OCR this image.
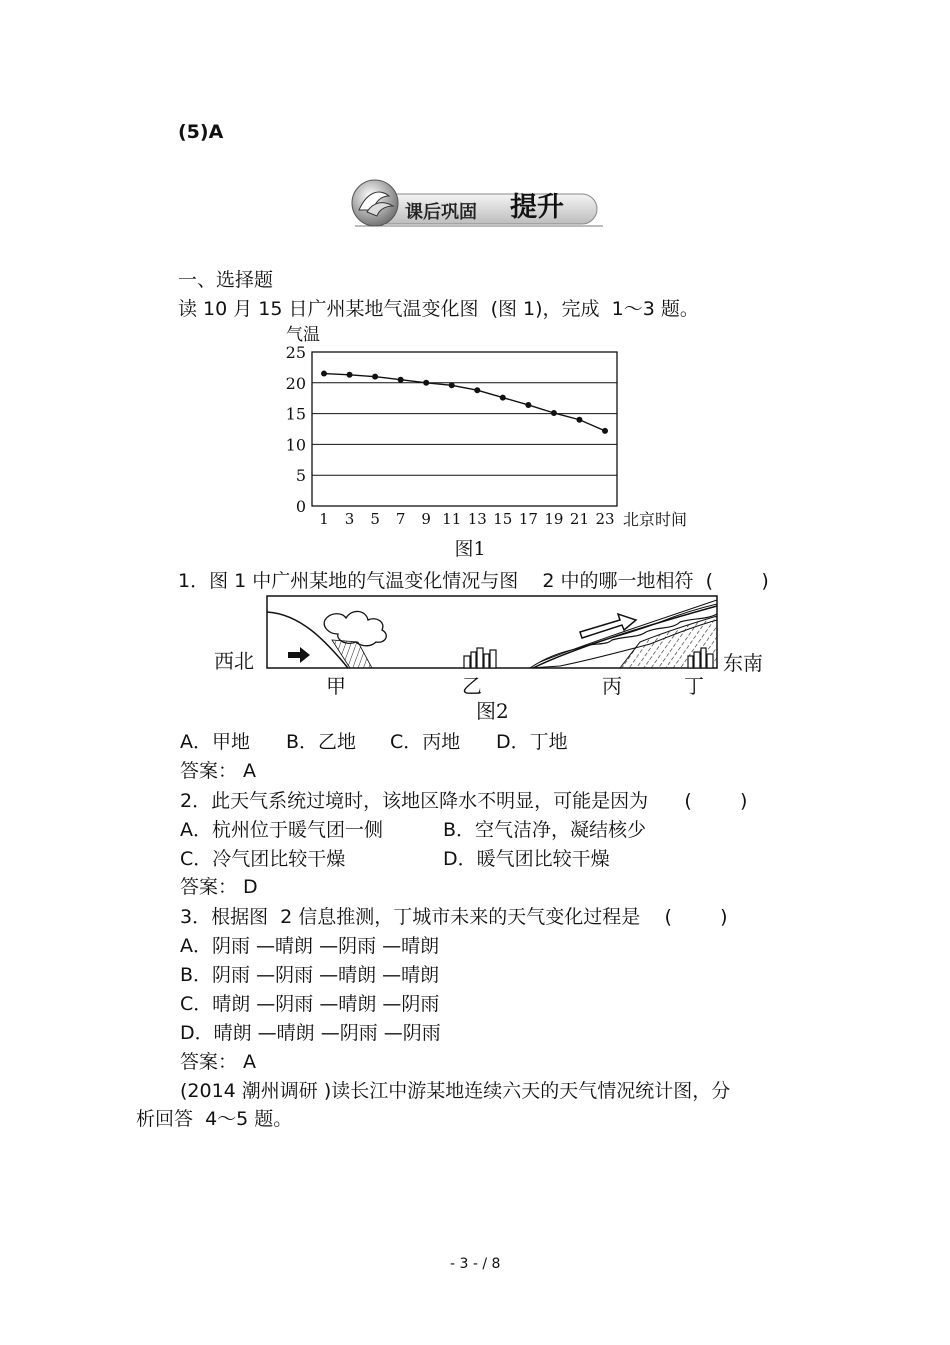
(5)A
课后巩固 提升
一、选择题
读 10 月 15 日广州某地气温变化图  (图 1)，完成  1～3 题。
0
5
10
15
20
25
1 3 5 7 9 11 13 15 17 19 21 23
气温
北京时间
图1
1．图 1 中广州某地的气温变化情况与图    2 中的哪一地相符  (        )
西北	东南
甲	乙	丙	丁
图2
A．甲地 B．乙地 C．丙地 D．丁地
答案： A
2．此天气系统过境时，该地区降水不明显，可能是因为      (        )
A．杭州位于暖气团一侧	B．空气洁净，凝结核少
C．冷气团比较干燥	D．暖气团比较干燥
答案： D
3．根据图  2 信息推测，丁城市未来的天气变化过程是    (        )
A．阴雨 —晴朗 —阴雨 —晴朗
B．阴雨 —阴雨 —晴朗 —晴朗
C．晴朗 —阴雨 —晴朗 —阴雨
D．晴朗 —晴朗 —阴雨 —阴雨
答案： A
(2014 潮州调研 )读长江中游某地连续六天的天气情况统计图，分
析回答  4～5 题。
- 3 - / 8
